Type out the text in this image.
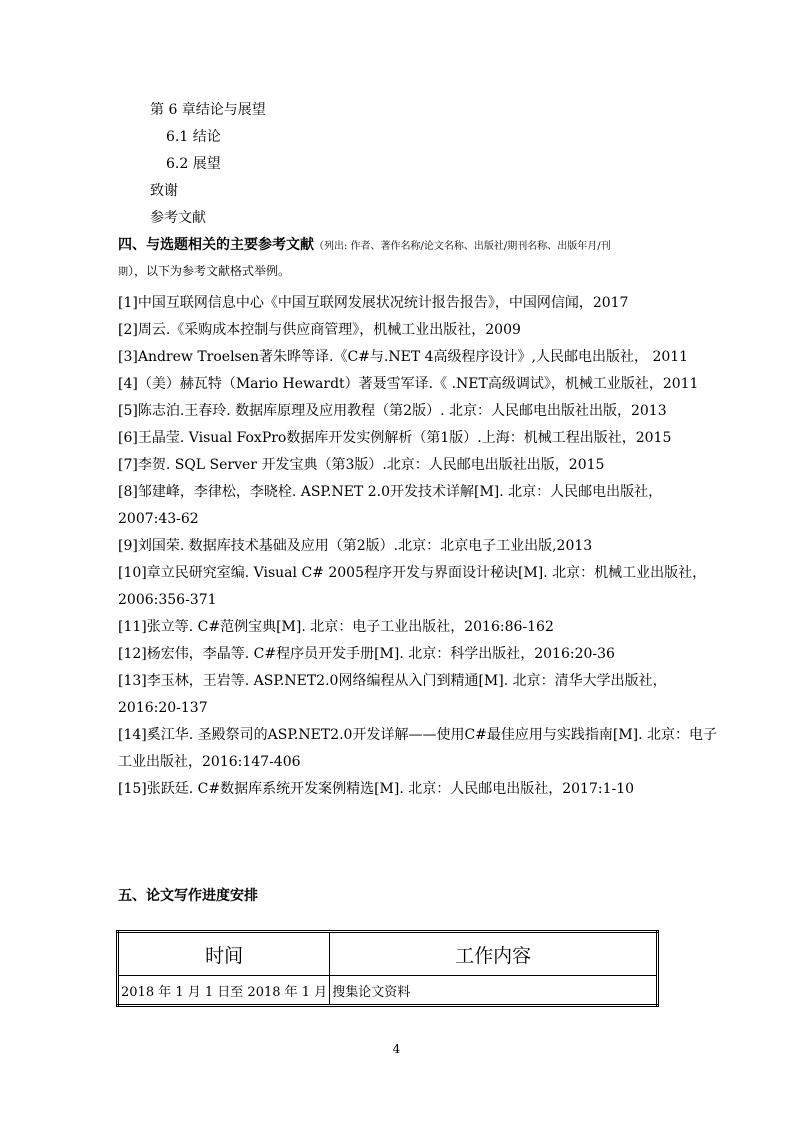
第 6 章结论与展望
6.1 结论
6.2 展望
致谢
参考文献
四、与选题相关的主要参考文献（列出: 作者、著作名称/论文名称、出版社/期刊名称、出版年月/刊
期），以下为参考文献格式举例。

[1]中国互联网信息中心《中国互联网发展状况统计报告报告》，中国网信闻，2017

[2]周云.《采购成本控制与供应商管理》，机械工业出版社，2009

[3]Andrew Troelsen著朱晔等译.《C#与.NET 4高级程序设计》,人民邮电出版社， 2011

[4]（美）赫瓦特（Mario Hewardt）著聂雪军译.《 .NET高级调试》，机械工业版社，2011

[5]陈志泊.王春玲. 数据库原理及应用教程（第2版）. 北京：人民邮电出版社出版，2013

[6]王晶莹. Visual FoxPro数据库开发实例解析（第1版）.上海：机械工程出版社，2015

[7]李贺. SQL Server 开发宝典（第3版）.北京：人民邮电出版社出版，2015

[8]邹建峰，李律松，李晓栓. ASP.NET 2.0开发技术详解[M]. 北京：人民邮电出版社，2007:43-62

[9]刘国荣. 数据库技术基础及应用（第2版）.北京：北京电子工业出版,2013

[10]章立民研究室编. Visual C# 2005程序开发与界面设计秘诀[M]. 北京：机械工业出版社，2006:356-371

[11]张立等. C#范例宝典[M]. 北京：电子工业出版社，2016:86-162

[12]杨宏伟，李晶等. C#程序员开发手册[M]. 北京：科学出版社，2016:20-36

[13]李玉林，王岩等. ASP.NET2.0网络编程从入门到精通[M]. 北京：清华大学出版社，2016:20-137

[14]奚江华. 圣殿祭司的ASP.NET2.0开发详解——使用C#最佳应用与实践指南[M]. 北京：电子工业出版社，2016:147-406

[15]张跃廷. C#数据库系统开发案例精选[M]. 北京：人民邮电出版社，2017:1-10

五、论文写作进度安排
时间	工作内容
2018 年 1 月 1 日至 2018 年 1 月	搜集论文资料
4
